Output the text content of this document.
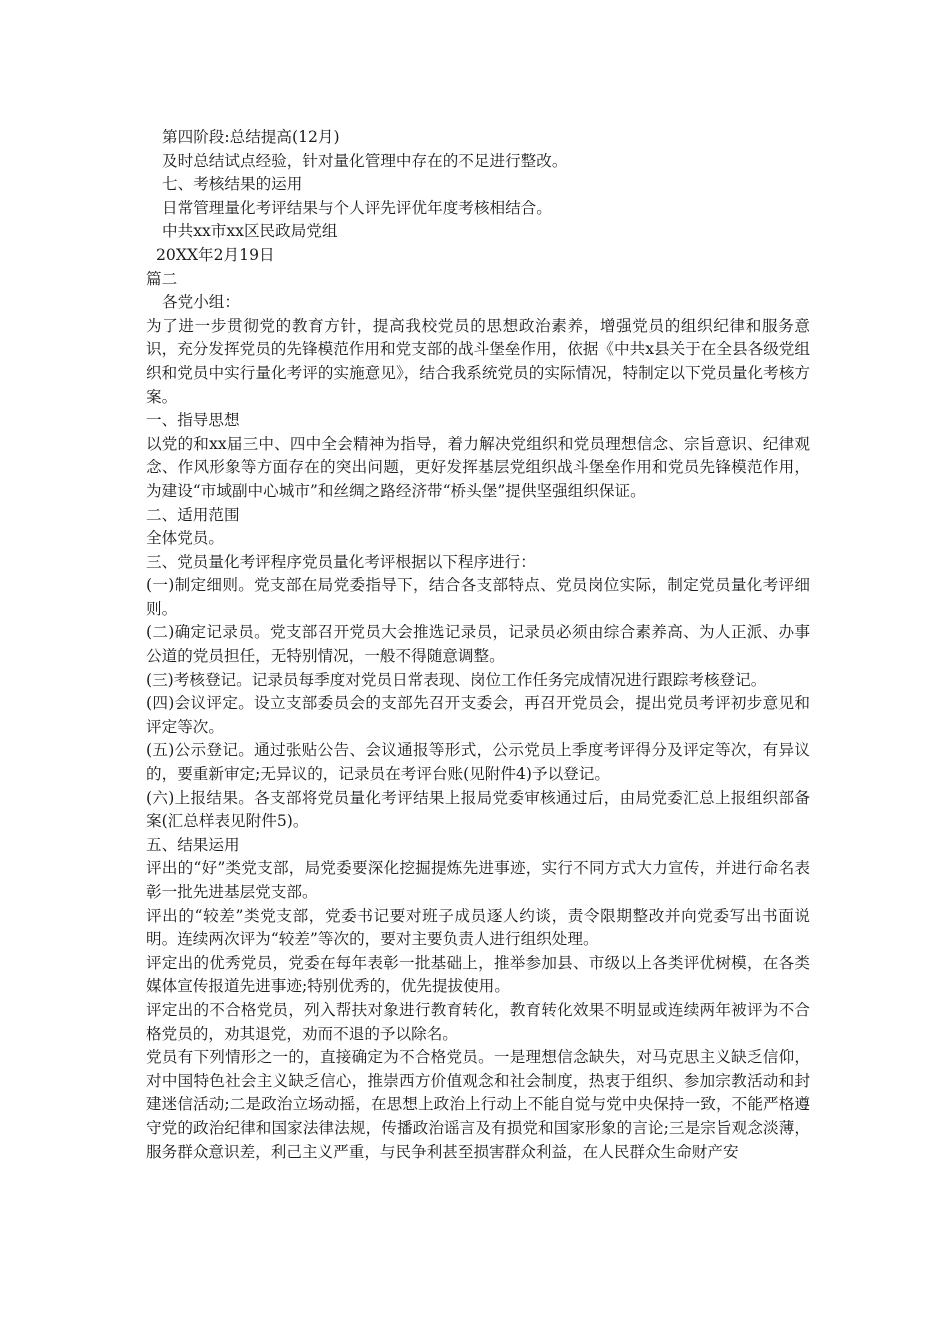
第四阶段:总结提高(12月)

及时总结试点经验，针对量化管理中存在的不足进行整改。

七、考核结果的运用

日常管理量化考评结果与个人评先评优年度考核相结合。

中共xx市xx区民政局党组

20XX年2月19日

篇二

各党小组：

为了进一步贯彻党的教育方针，提高我校党员的思想政治素养，增强党员的组织纪律和服务意识，充分发挥党员的先锋模范作用和党支部的战斗堡垒作用，依据《中共x县关于在全县各级党组织和党员中实行量化考评的实施意见》，结合我系统党员的实际情况，特制定以下党员量化考核方案。

一、指导思想

以党的和xx届三中、四中全会精神为指导，着力解决党组织和党员理想信念、宗旨意识、纪律观念、作风形象等方面存在的突出问题，更好发挥基层党组织战斗堡垒作用和党员先锋模范作用，为建设“市域副中心城市”和丝绸之路经济带“桥头堡”提供坚强组织保证。

二、适用范围

全体党员。

三、党员量化考评程序党员量化考评根据以下程序进行：

(一)制定细则。党支部在局党委指导下，结合各支部特点、党员岗位实际，制定党员量化考评细则。

(二)确定记录员。党支部召开党员大会推选记录员，记录员必须由综合素养高、为人正派、办事公道的党员担任，无特别情况，一般不得随意调整。

(三)考核登记。记录员每季度对党员日常表现、岗位工作任务完成情况进行跟踪考核登记。

(四)会议评定。设立支部委员会的支部先召开支委会，再召开党员会，提出党员考评初步意见和评定等次。

(五)公示登记。通过张贴公告、会议通报等形式，公示党员上季度考评得分及评定等次，有异议的，要重新审定;无异议的，记录员在考评台账(见附件4)予以登记。

(六)上报结果。各支部将党员量化考评结果上报局党委审核通过后，由局党委汇总上报组织部备案(汇总样表见附件5)。

五、结果运用

评出的“好”类党支部，局党委要深化挖掘提炼先进事迹，实行不同方式大力宣传，并进行命名表彰一批先进基层党支部。

评出的“较差”类党支部，党委书记要对班子成员逐人约谈，责令限期整改并向党委写出书面说明。连续两次评为“较差”等次的，要对主要负责人进行组织处理。

评定出的优秀党员，党委在每年表彰一批基础上，推举参加县、市级以上各类评优树模，在各类媒体宣传报道先进事迹;特别优秀的，优先提拔使用。

评定出的不合格党员，列入帮扶对象进行教育转化，教育转化效果不明显或连续两年被评为不合格党员的，劝其退党，劝而不退的予以除名。

党员有下列情形之一的，直接确定为不合格党员。一是理想信念缺失，对马克思主义缺乏信仰，对中国特色社会主义缺乏信心，推崇西方价值观念和社会制度，热衷于组织、参加宗教活动和封建迷信活动;二是政治立场动摇，在思想上政治上行动上不能自觉与党中央保持一致，不能严格遵守党的政治纪律和国家法律法规，传播政治谣言及有损党和国家形象的言论;三是宗旨观念淡薄，服务群众意识差，利己主义严重，与民争利甚至损害群众利益，在人民群众生命财产安
